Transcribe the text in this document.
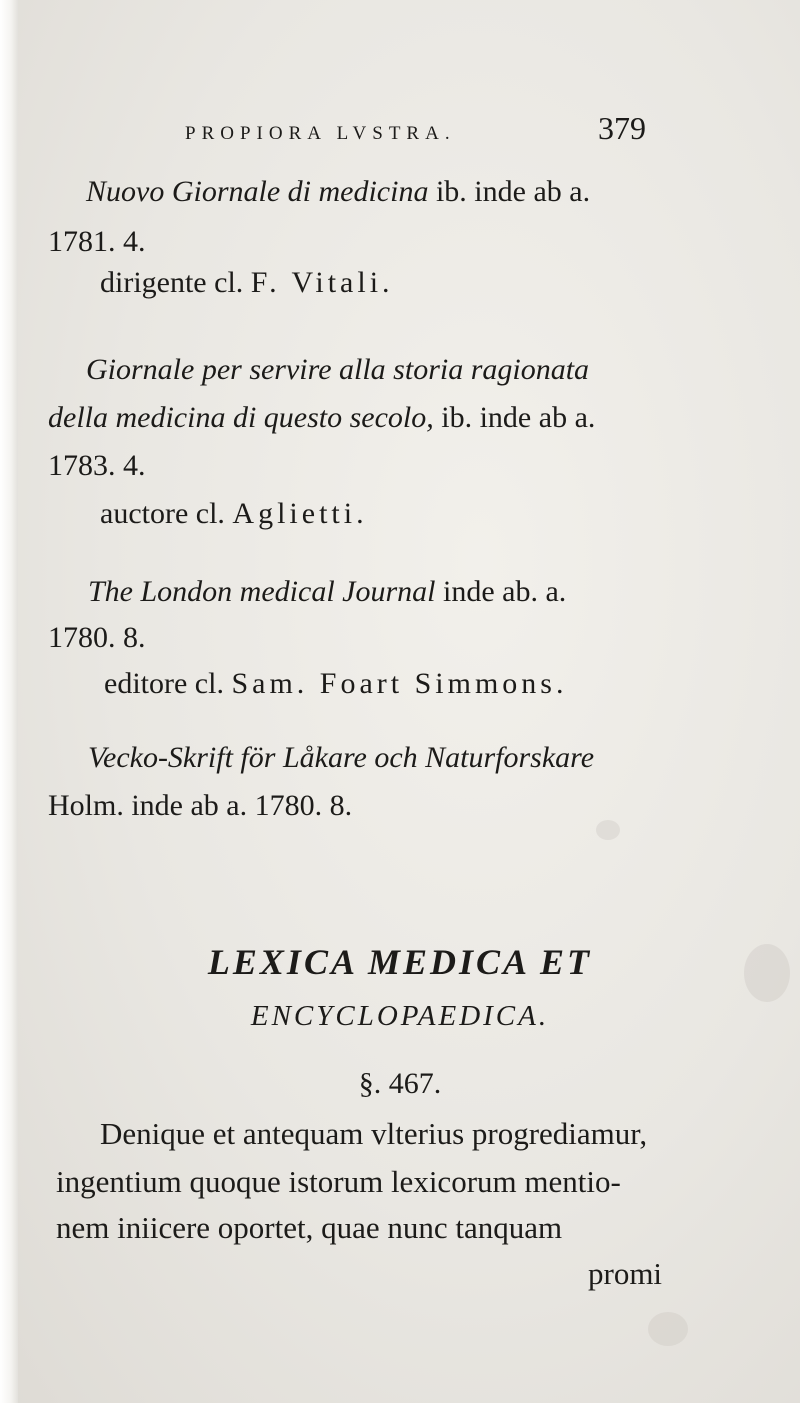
PROPIORA LVSTRA.	379
Nuovo Giornale di medicina ib. inde ab a.
1781. 4.
dirigente cl. F. Vitali.
Giornale per servire alla storia ragionata
della medicina di questo secolo, ib. inde ab a.
1783. 4.
auctore cl. Aglietti.
The London medical Journal inde ab. a.
1780. 8.
editore cl. Sam. Foart Simmons.
Vecko-Skrift för Låkare och Naturforskare
Holm. inde ab a. 1780. 8.
LEXICA MEDICA ET
ENCYCLOPAEDICA.
§. 467.
Denique et antequam vlterius progrediamur,
ingentium quoque istorum lexicorum mentio-
nem iniicere oportet, quae nunc tanquam
promi
